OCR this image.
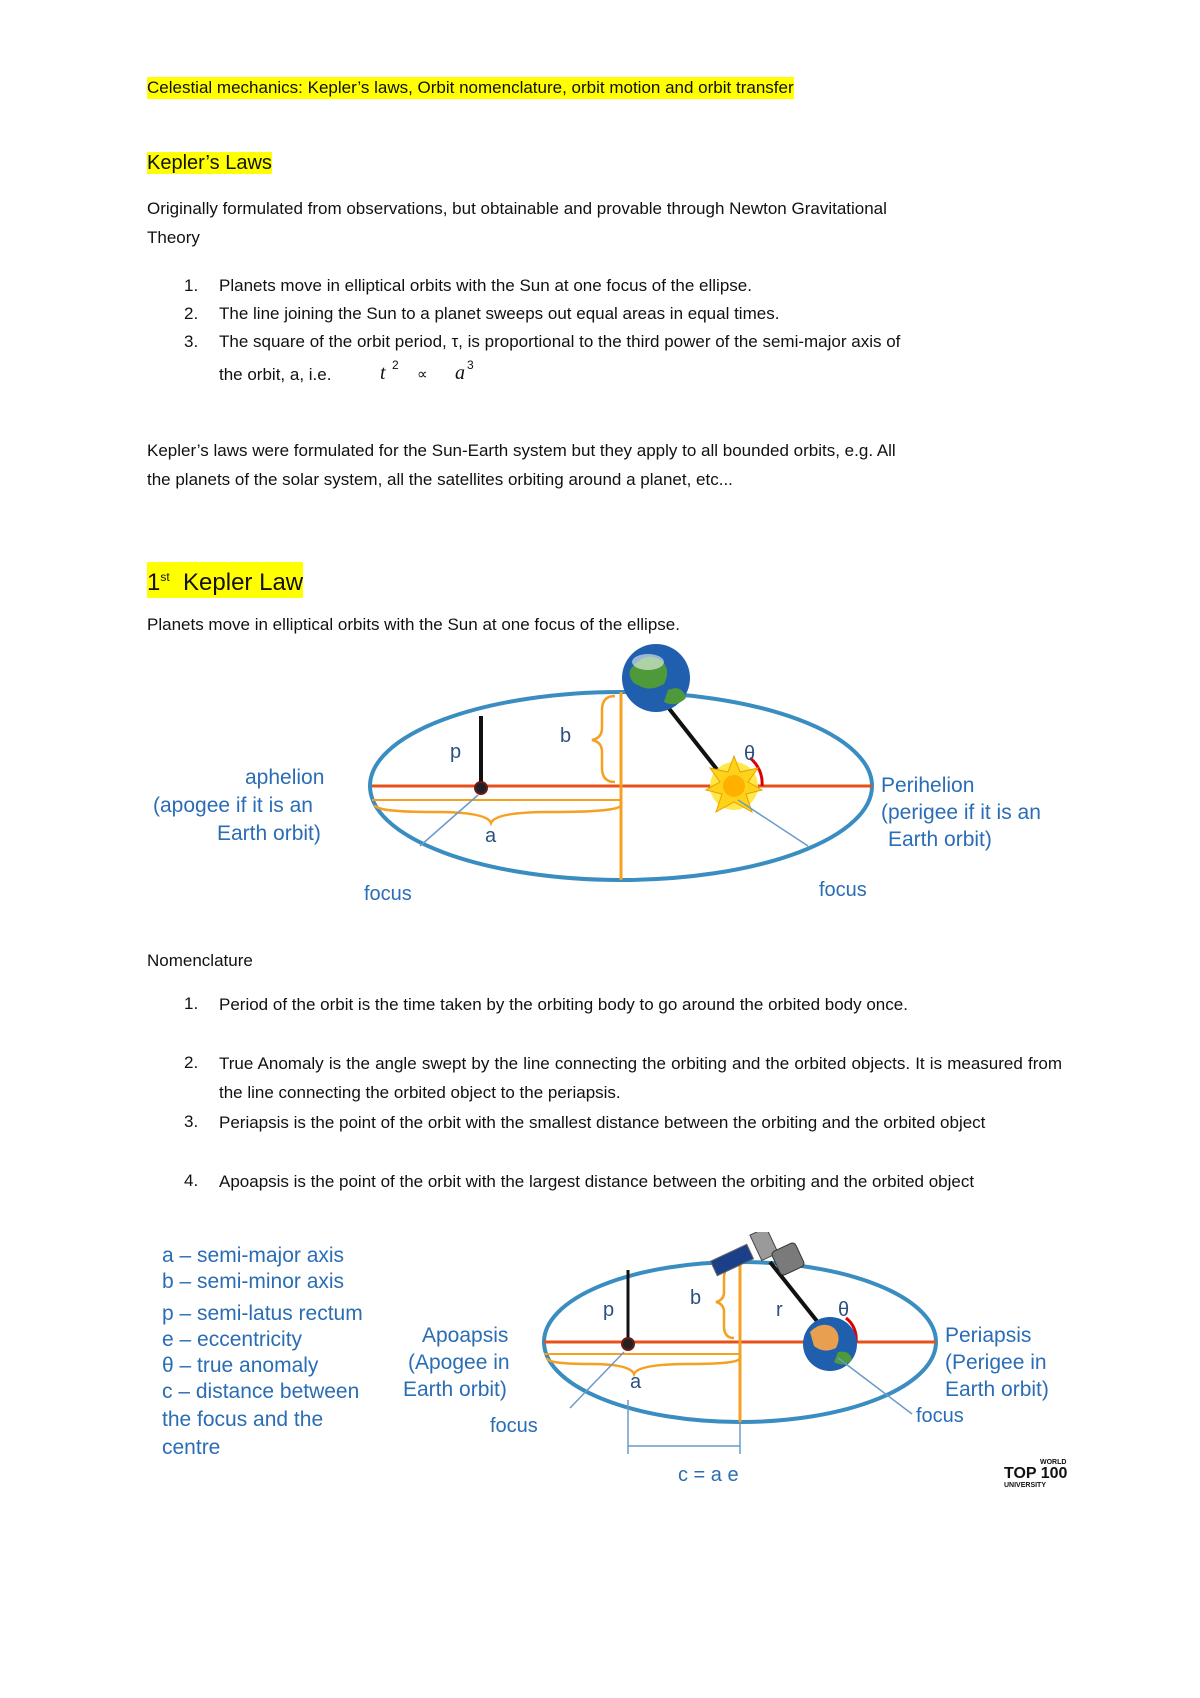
Celestial mechanics: Kepler’s laws, Orbit nomenclature, orbit motion and orbit transfer
Kepler’s Laws
Originally formulated from observations, but obtainable and provable through Newton Gravitational
Theory
1. Planets move in elliptical orbits with the Sun at one focus of the ellipse.
2. The line joining the Sun to a planet sweeps out equal areas in equal times.
3. The square of the orbit period, τ, is proportional to the third power of the semi-major axis of
the orbit, a, i.e. t 2
∝ a 3
Kepler’s laws were formulated for the Sun-Earth system but they apply to all bounded orbits, e.g. All
the planets of the solar system, all the satellites orbiting around a planet, etc...
1st Kepler Law
Planets move in elliptical orbits with the Sun at one focus of the ellipse.
aphelion
(apogee if it is an
Earth orbit)
Perihelion
(perigee if it is an
Earth orbit)
p
b
a
θ
focus	focus
Nomenclature
1. Period of the orbit is the time taken by the orbiting body to go around the orbited body once.
2. True Anomaly is the angle swept by the line connecting the orbiting and the orbited objects. It is measured from the line connecting the orbited object to the periapsis.
3. Periapsis is the point of the orbit with the smallest distance between the orbiting and the orbited object
4. Apoapsis is the point of the orbit with the largest distance between the orbiting and the orbited object
a – semi-major axis
b – semi-minor axis
p – semi-latus rectum
e – eccentricity
θ – true anomaly
c – distance between
the focus and the
centre
Apoapsis
(Apogee in
Earth orbit)
Periapsis
(Perigee in
Earth orbit)
p
b
r
a
θ
focus	focus
c = a e
WORLD
TOP 100
UNIVERSITY
